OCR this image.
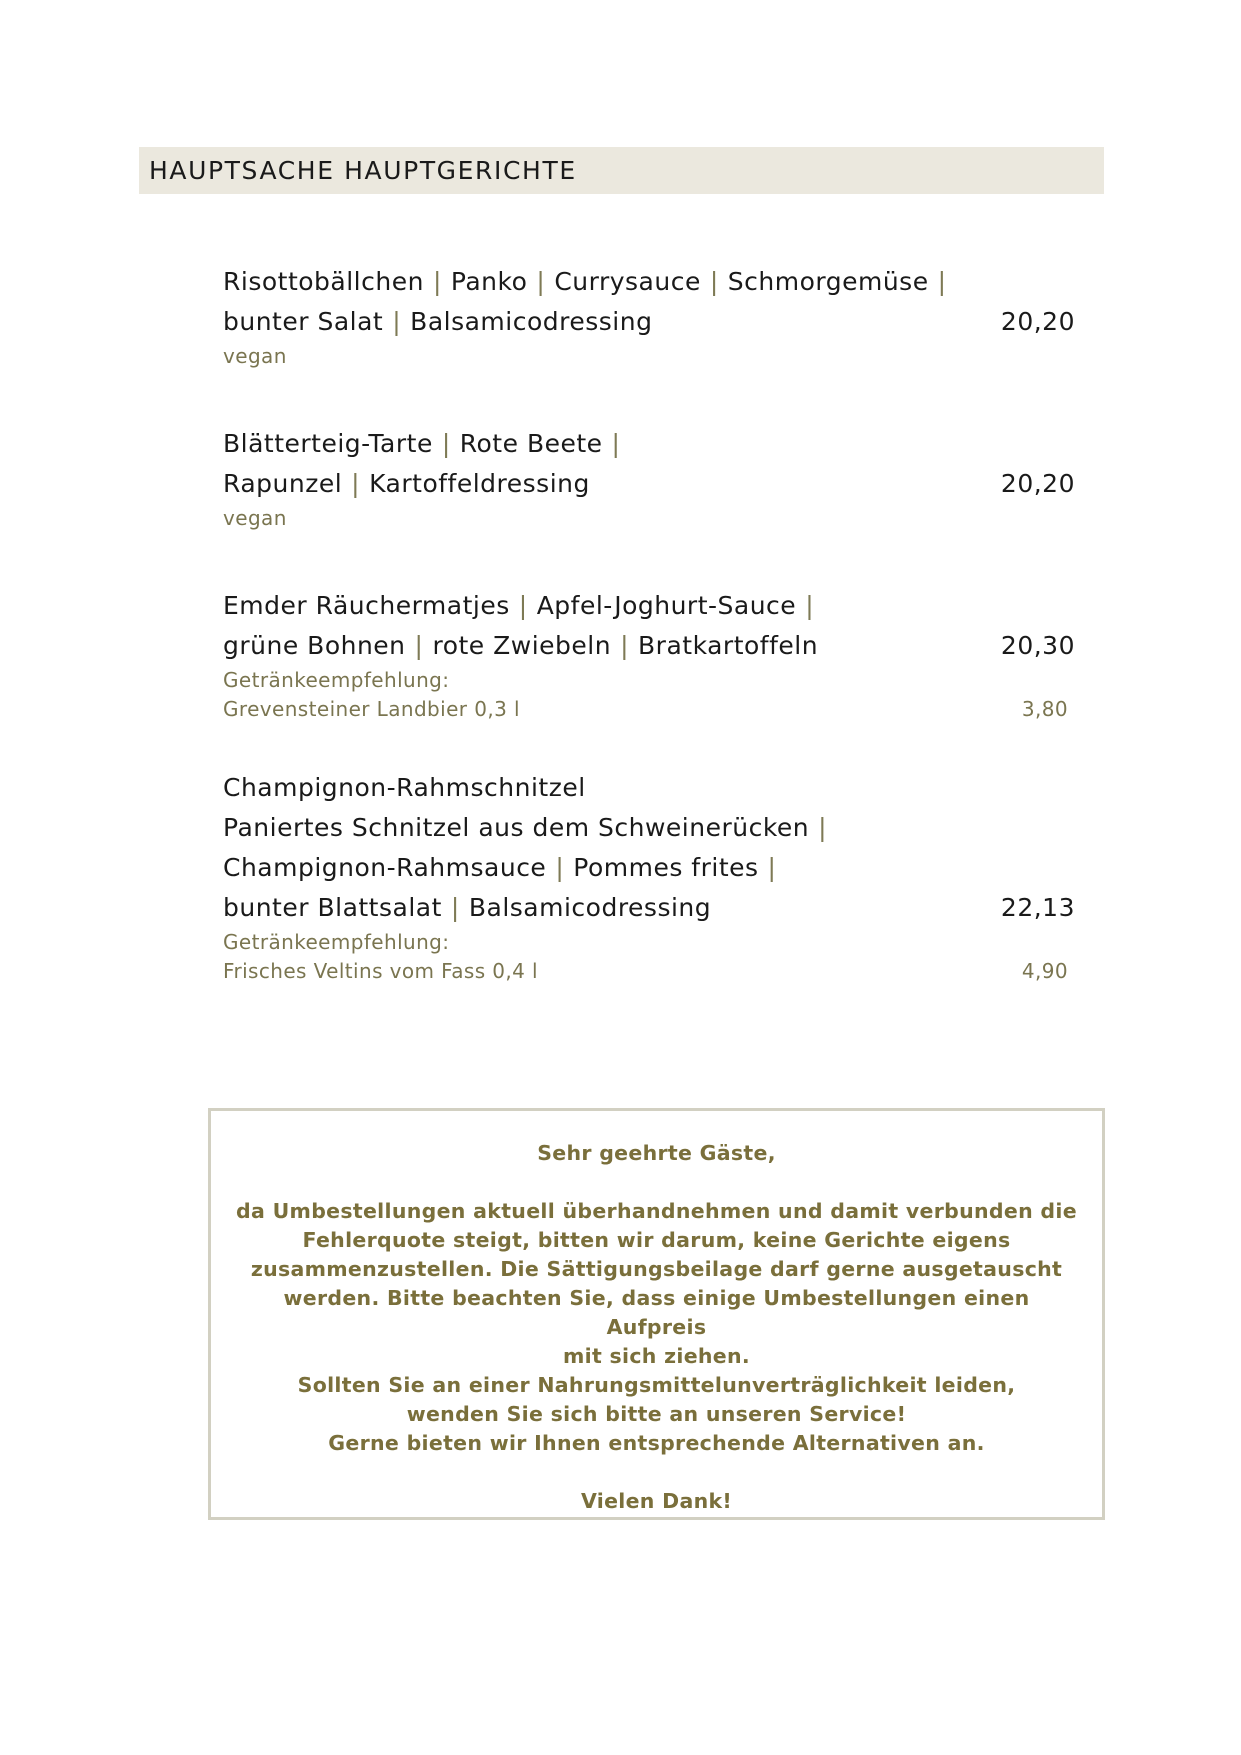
HAUPTSACHE HAUPTGERICHTE
Risottobällchen | Panko | Currysauce | Schmorgemüse |
bunter Salat | Balsamicodressing	20,20
vegan
Blätterteig-Tarte | Rote Beete |
Rapunzel | Kartoffeldressing	20,20
vegan
Emder Räuchermatjes | Apfel-Joghurt-Sauce |
grüne Bohnen | rote Zwiebeln | Bratkartoffeln	20,30
Getränkeempfehlung:
Grevensteiner Landbier 0,3 l	3,80
Champignon-Rahmschnitzel
Paniertes Schnitzel aus dem Schweinerücken |
Champignon-Rahmsauce | Pommes frites |
bunter Blattsalat | Balsamicodressing	22,13
Getränkeempfehlung:
Frisches Veltins vom Fass 0,4 l	4,90
Sehr geehrte Gäste,
da Umbestellungen aktuell überhandnehmen und damit verbunden die
Fehlerquote steigt, bitten wir darum, keine Gerichte eigens
zusammenzustellen. Die Sättigungsbeilage darf gerne ausgetauscht
werden. Bitte beachten Sie, dass einige Umbestellungen einen Aufpreis
mit sich ziehen.
Sollten Sie an einer Nahrungsmittelunverträglichkeit leiden,
wenden Sie sich bitte an unseren Service!
Gerne bieten wir Ihnen entsprechende Alternativen an.
Vielen Dank!
